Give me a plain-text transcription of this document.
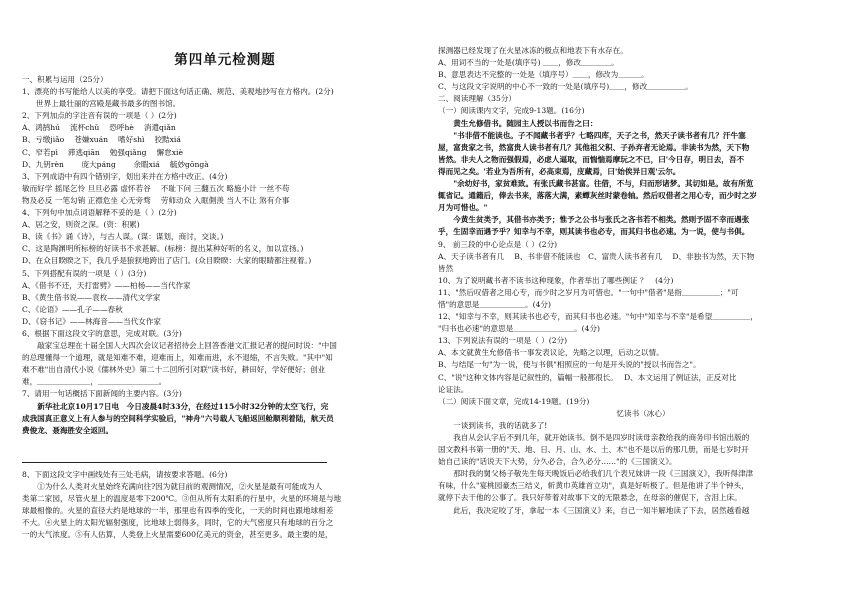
第四单元检测题
一、积累与运用（25分）
1、漂亮的书写能给人以美的享受。请把下面这句话正确、规范、美观地抄写在方格内。(2分)
世界上最壮丽的宫殿是藏书最多的图书馆。
2、下列加点的字注音有误的一项是（ ）(2分)
A、鸿鹄hú　 流杯chǔ　 恐呼hè　 消遣qiǎn
B、亏缴jiǎo　 苍嫌xuán　 嗜好shì　 狡黠xiá
C、窄若pì　 滞逃qiān　 勉强qiǎng　 懈怠xiè
D、九钥rèn　　 庞大páng　　 余暇xiá　 毓妙gōngà
3、下列成语中有四个错别字，划出来并在方格中改正。(4分)
敏而好学 摇尾乞怜 旦旦必露 虚怀若谷　 不耻下问 三翻五次 略施小计 一丝不苟
物及必反 一笔勾销 正襟危坐 心无旁骛　 劳师动众 入眶側羡 当人不让 煞有介事
4、下列句中加点词语解释不妥的是（ ）(2分)
A、居之安，则资之深。(资：积累)
B、读《书》诵《诗》，与古人谋。(谋：谋划，商讨，交谈。)
C、这是陶渊明所标榜的好读书不求甚解。(标榜：提出某种好听的名义，加以宣扬。)
D、在众目睽睽之下，我几乎是狼狈地跨出了店门。(众目睽睽：大家的眼睛都注视着。)
5、下列搭配有误的一项是（ ）(3分)
A、《借书不还，天打雷劈》——柏杨——当代作家
B、《黄生借书说——袁枚——清代文学家
C、《论语》——孔子——春秋
D、《窃书记》——林海音——当代女作家
6、根据下面这段文字的意思，完成对联。(3分)
敲家宝总理在十届全国人大四次会议记者招待会上回答香港文汇报记者的提问时说："中国
的总理懂得一个道理，就是知难不难，迎难而上，知难而进，永不退缩，不言失败。"其中"知
难不难"出自清代小说《儒林外史》第二十二回所引对联"读书好，耕田好，学好便好；创业
难，＿＿＿＿＿＿＿，＿＿＿＿＿＿＿＿。
7、请用一句话概括下面新闻的主要内容。(3分)
新华社北京10月17日电　今日凌晨4时33分，在经过115小时32分钟的太空飞行，完
成我国真正意义上有人参与的空间科学实验后，"神舟"六号载人飞船返回舱顺利着陆，航天员
费俊龙、聂海胜安全返回。
8、下面这段文字中画线处有三处毛病，请按要求答题。(6分)
①为什么人类对火星始终充满向往?因为就目前的观测情况，②火星是最有可能成为人
类第二家园，尽管火星上的温度是零下200℃。③但从所有太阳系的行星中，火星的环境是与地
球最相像的。火星的直径大约是地球的一半，那里也有四季的变化，一天的时间也跟地球相差
不大。④火星上的太阳光辐射强度，比地球上弱得多，同时，它的大气密度只有地球的百分之
一的大气浓度。⑤有人估算，人类登上火星需要600亿美元的资金，甚至更多。最主要的是，
探测器已经发现了在火星冰冻的极点和地表下有水存在。
A、用词不当的一处是(填序号) ＿＿，修改＿＿＿＿。
B、意思表达不完整的一处是（填序号）＿＿，修改为＿＿＿。
C、与这段文字说明的中心不一致的一处是(填序号)＿＿，修改＿＿＿＿＿。
二、阅读理解（35分）
（一）阅读课内文字，完成9-13题。(16分)
黄生允修借书。随园主人授以书而告之曰：
"书非借不能读也。子不闻藏书者乎？七略四库，天子之书，然天子读书者有几？汗牛塞
屋，富贵家之书，然富贵人读书者有几？其他祖父积、子孙弃者无论焉。非读书为然，天下物
皆然。非夫人之物而强假焉，必虑人逼取，而惴惴焉摩玩之不已，曰'今日存，明日去，吾不
得而见之矣。'若业为吾所有，必高束焉，庋藏焉，曰'始俟异日观'云尔。
"余幼好书，家贫难致。有张氏藏书甚富。往借，不与，归而形诸梦。其切如是。故有所览
辄省记。通籍后，俸去书来，落落大满，素蟫灰丝时蒙卷轴。然后叹借者之用心专，而少时之岁
月为可惜也。"
今黄生贫类予，其借书亦类予；惟予之公书与张氏之吝书若不相类。然则予固不幸而遇张
乎，生固幸而遇予乎？知幸与不幸，则其读书也必专，而其归书也必速。为一说，使与书俱。
9、 前三段的中心论点是（ ）(2分)
A、天子读书者有几　 B、书非借不能读也　C、富贵人读书者有几　 D、非独书为然，天下物
皆然
10、为了说明藏书者不读书这种现象，作者举出了哪些例证 ？　(4分)
11、"然后叹借者之用心专，而少时之岁月为可惜也。"一句中"借者"是指＿＿＿＿＿；"可
惜"的意思是＿＿＿＿＿＿。(4分)
12、"知幸与不幸，则其读书也必专，而其归书也必速。"句中"知幸与不幸"是希望＿＿＿＿＿，
"归书也必速"的意思是＿＿＿＿＿＿＿＿。(4分)
13、下列说法有误的一项是（ ）(2分)
A、本文就黄生允修借书一事发表议论，先略之以理，后动之以情。
B、与结尾一句"为一说，使与书俱"相照应的一句是开头说的"授以书而告之"。
C、"说"这种文体内容是记叙性的，篇幅一般都很长。　 D、本文运用了例证法，正反对比
论证法。
（二）阅读下面文章，完成14-19题。(19分)
忆读书（冰心）
一谈到读书，我的话就多了!
我自从会认字后不到几年，就开始读书。倒不是四岁时读母亲教给我的商务印书馆出版的
国文教科书第一册的"天、地、日、月、山、水、土、木"也不是以后的那几册，而是七岁时开
始自己读的"话说天下大势，分久必合，合久必分……"的《三国演义》。
那时我的舅父杨子敬先生每天晚饭后必给我们几个表兄妹讲一段《三国演义》，我听得津津
有味，什么"宴桃园豪杰三结义，斩黄巾英雄首立功"，真是好听极了。但是他讲了半个钟头，
就停下去干他的公事了。我只好带着对故事下文的无限悬念，在母亲的催促下，含泪上床。
此后，我决定咬了牙，拿起一本《三国演义》来，自己一知半解地读了下去，居然越看越
